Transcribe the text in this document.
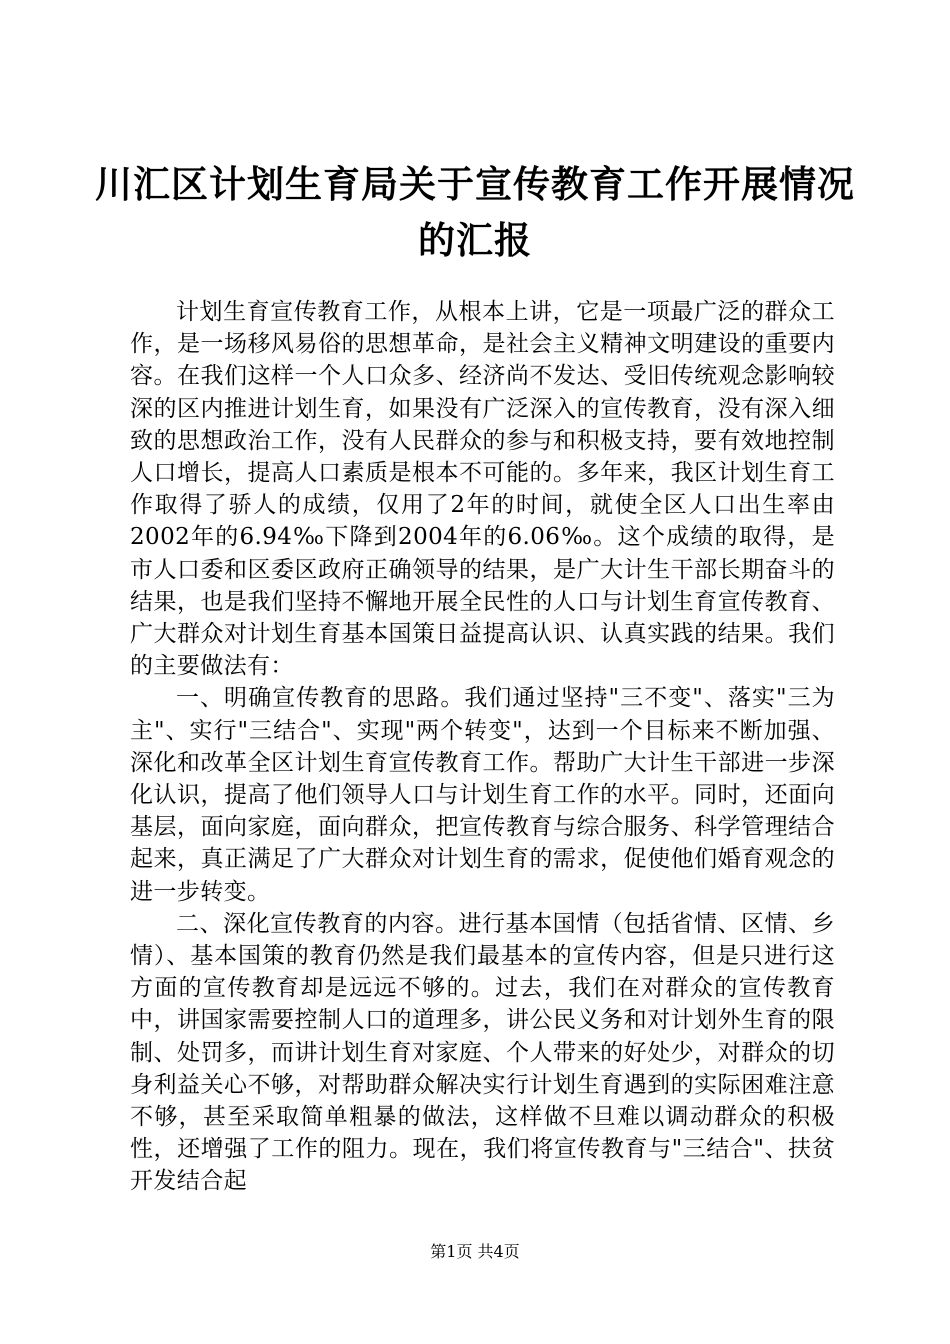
川汇区计划生育局关于宣传教育工作开展情况
的汇报

计划生育宣传教育工作，从根本上讲，它是一项最广泛的群众工作，是一场移风易俗的思想革命，是社会主义精神文明建设的重要内容。在我们这样一个人口众多、经济尚不发达、受旧传统观念影响较深的区内推进计划生育，如果没有广泛深入的宣传教育，没有深入细致的思想政治工作，没有人民群众的参与和积极支持，要有效地控制人口增长，提高人口素质是根本不可能的。多年来，我区计划生育工作取得了骄人的成绩，仅用了2年的时间，就使全区人口出生率由2002年的6.94‰下降到2004年的6.06‰。这个成绩的取得，是市人口委和区委区政府正确领导的结果，是广大计生干部长期奋斗的结果，也是我们坚持不懈地开展全民性的人口与计划生育宣传教育、广大群众对计划生育基本国策日益提高认识、认真实践的结果。我们的主要做法有：

一、明确宣传教育的思路。我们通过坚持"三不变"、落实"三为主"、实行"三结合"、实现"两个转变"，达到一个目标来不断加强、深化和改革全区计划生育宣传教育工作。帮助广大计生干部进一步深化认识，提高了他们领导人口与计划生育工作的水平。同时，还面向基层，面向家庭，面向群众，把宣传教育与综合服务、科学管理结合起来，真正满足了广大群众对计划生育的需求，促使他们婚育观念的进一步转变。

二、深化宣传教育的内容。进行基本国情（包括省情、区情、乡情）、基本国策的教育仍然是我们最基本的宣传内容，但是只进行这方面的宣传教育却是远远不够的。过去，我们在对群众的宣传教育中，讲国家需要控制人口的道理多，讲公民义务和对计划外生育的限制、处罚多，而讲计划生育对家庭、个人带来的好处少，对群众的切身利益关心不够，对帮助群众解决实行计划生育遇到的实际困难注意不够，甚至采取简单粗暴的做法，这样做不旦难以调动群众的积极性，还增强了工作的阻力。现在，我们将宣传教育与"三结合"、扶贫开发结合起

第1页 共4页
